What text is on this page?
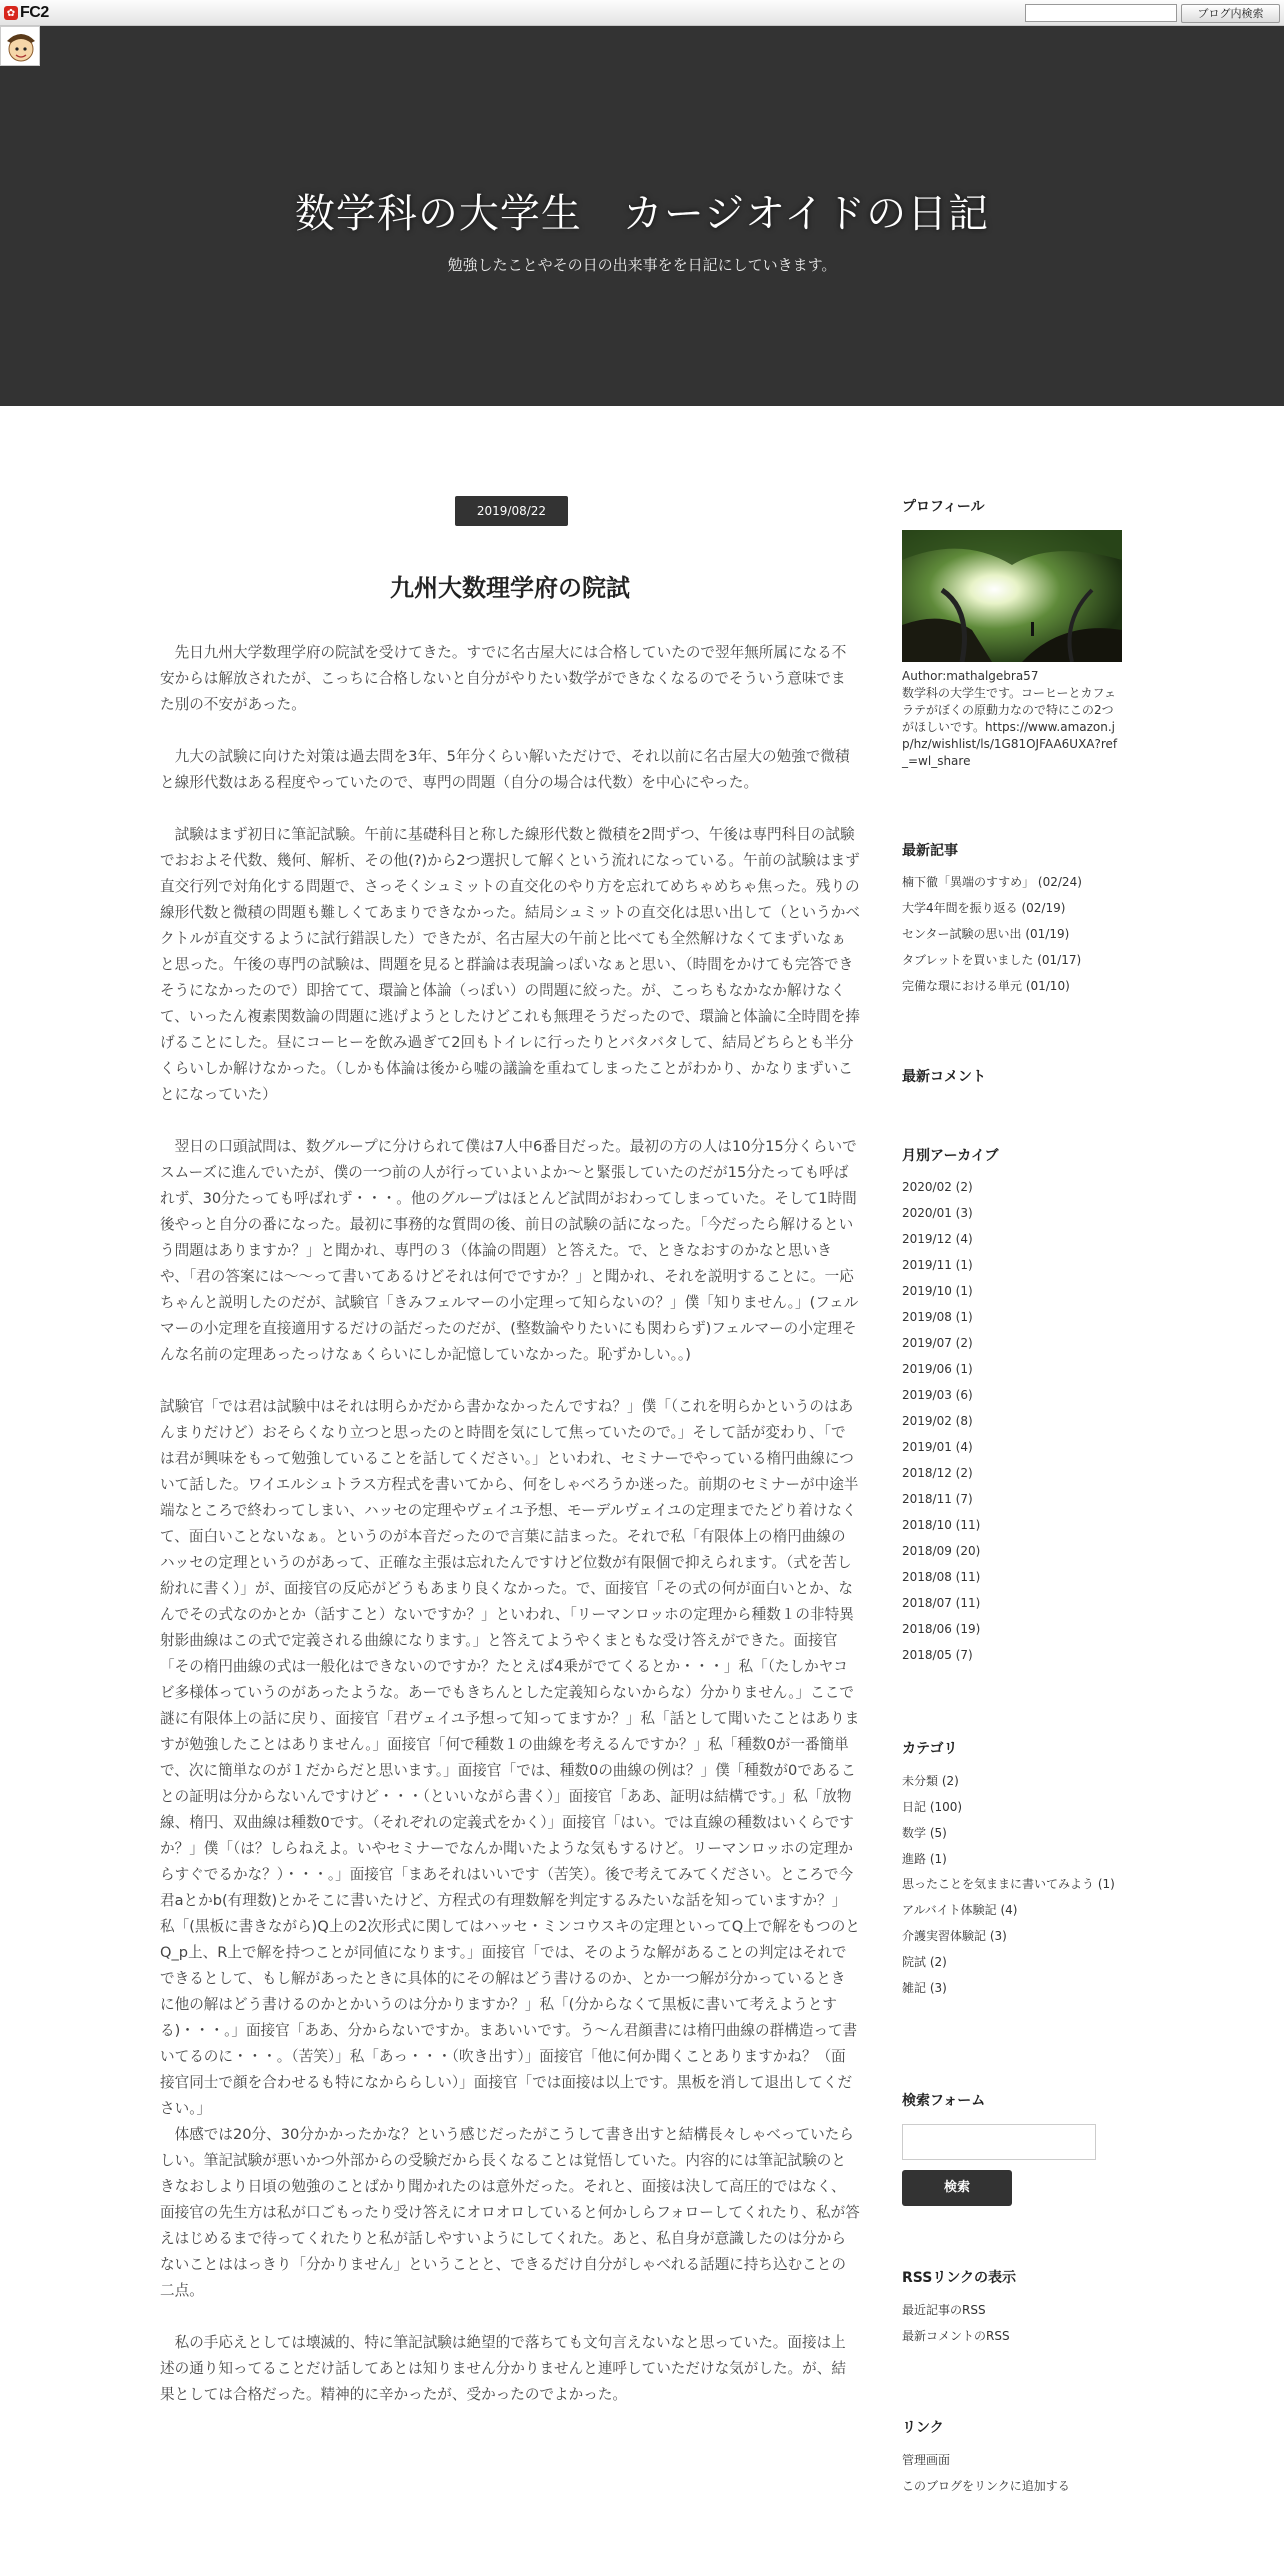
✿ FC2	ブログ内検索
数学科の大学生　カージオイドの日記
勉強したことやその日の出来事をを日記にしていきます。
2019/08/22
九州大数理学府の院試

　先日九州大学数理学府の院試を受けてきた。すでに名古屋大には合格していたので翌年無所属になる不安からは解放されたが、こっちに合格しないと自分がやりたい数学ができなくなるのでそういう意味でまた別の不安があった。

　九大の試験に向けた対策は過去問を3年、5年分くらい解いただけで、それ以前に名古屋大の勉強で微積と線形代数はある程度やっていたので、専門の問題（自分の場合は代数）を中心にやった。

　試験はまず初日に筆記試験。午前に基礎科目と称した線形代数と微積を2問ずつ、午後は専門科目の試験でおおよそ代数、幾何、解析、その他(?)から2つ選択して解くという流れになっている。午前の試験はまず直交行列で対角化する問題で、さっそくシュミットの直交化のやり方を忘れてめちゃめちゃ焦った。残りの線形代数と微積の問題も難しくてあまりできなかった。結局シュミットの直交化は思い出して（というかベクトルが直交するように試行錯誤した）できたが、名古屋大の午前と比べても全然解けなくてまずいなぁと思った。午後の専門の試験は、問題を見ると群論は表現論っぽいなぁと思い、（時間をかけても完答できそうになかったので）即捨てて、環論と体論（っぽい）の問題に絞った。が、こっちもなかなか解けなくて、いったん複素関数論の問題に逃げようとしたけどこれも無理そうだったので、環論と体論に全時間を捧げることにした。昼にコーヒーを飲み過ぎて2回もトイレに行ったりとバタバタして、結局どちらとも半分くらいしか解けなかった。（しかも体論は後から嘘の議論を重ねてしまったことがわかり、かなりまずいことになっていた）

　翌日の口頭試問は、数グループに分けられて僕は7人中6番目だった。最初の方の人は10分15分くらいでスムーズに進んでいたが、僕の一つ前の人が行っていよいよか～と緊張していたのだが15分たっても呼ばれず、30分たっても呼ばれず・・・。他のグループはほとんど試問がおわってしまっていた。そして1時間後やっと自分の番になった。最初に事務的な質問の後、前日の試験の話になった。「今だったら解けるという問題はありますか？」と聞かれ、専門の３（体論の問題）と答えた。で、ときなおすのかなと思いきや、「君の答案には～～って書いてあるけどそれは何でですか？」と聞かれ、それを説明することに。一応ちゃんと説明したのだが、試験官「きみフェルマーの小定理って知らないの？」僕「知りません。」(フェルマーの小定理を直接適用するだけの話だったのだが、(整数論やりたいにも関わらず)フェルマーの小定理そんな名前の定理あったっけなぁくらいにしか記憶していなかった。恥ずかしい。。)

試験官「では君は試験中はそれは明らかだから書かなかったんですね？」僕「（これを明らかというのはあんまりだけど）おそらくなり立つと思ったのと時間を気にして焦っていたので。」そして話が変わり、「では君が興味をもって勉強していることを話してください。」といわれ、セミナーでやっている楕円曲線について話した。ワイエルシュトラス方程式を書いてから、何をしゃべろうか迷った。前期のセミナーが中途半端なところで終わってしまい、ハッセの定理やヴェイユ予想、モーデルヴェイユの定理までたどり着けなくて、面白いことないなぁ。というのが本音だったので言葉に詰まった。それで私「有限体上の楕円曲線のハッセの定理というのがあって、正確な主張は忘れたんですけど位数が有限個で抑えられます。（式を苦し紛れに書く）」が、面接官の反応がどうもあまり良くなかった。で、面接官「その式の何が面白いとか、なんでその式なのかとか（話すこと）ないですか？」といわれ、「リーマンロッホの定理から種数１の非特異射影曲線はこの式で定義される曲線になります。」と答えてようやくまともな受け答えができた。面接官「その楕円曲線の式は一般化はできないのですか？たとえば4乗がでてくるとか・・・」私「（たしかヤコビ多様体っていうのがあったような。あーでもきちんとした定義知らないからな）分かりません。」ここで謎に有限体上の話に戻り、面接官「君ヴェイユ予想って知ってますか？」私「話として聞いたことはありますが勉強したことはありません。」面接官「何で種数１の曲線を考えるんですか？」私「種数0が一番簡単で、次に簡単なのが１だからだと思います。」面接官「では、種数0の曲線の例は？」僕「種数が0であることの証明は分からないんですけど・・・（といいながら書く）」面接官「ああ、証明は結構です。」私「放物線、楕円、双曲線は種数0です。（それぞれの定義式をかく）」面接官「はい。では直線の種数はいくらですか？」僕「（は？しらねえよ。いやセミナーでなんか聞いたような気もするけど。リーマンロッホの定理からすぐでるかな？）・・・。」面接官「まあそれはいいです（苦笑）。後で考えてみてください。ところで今君aとかb(有理数)とかそこに書いたけど、方程式の有理数解を判定するみたいな話を知っていますか？」私「(黒板に書きながら)Q上の2次形式に関してはハッセ・ミンコウスキの定理といってQ上で解をもつのとQ_p上、R上で解を持つことが同値になります。」面接官「では、そのような解があることの判定はそれでできるとして、もし解があったときに具体的にその解はどう書けるのか、とか一つ解が分かっているときに他の解はどう書けるのかとかいうのは分かりますか？」私「(分からなくて黒板に書いて考えようとする)・・・。」面接官「ああ、分からないですか。まあいいです。う～ん君顔書には楕円曲線の群構造って書いてるのに・・・。（苦笑）」私「あっ・・・（吹き出す）」面接官「他に何か聞くことありますかね？（面接官同士で顔を合わせるも特になかららしい）」面接官「では面接は以上です。黒板を消して退出してください。」

　体感では20分、30分かかったかな？という感じだったがこうして書き出すと結構長々しゃべっていたらしい。筆記試験が悪いかつ外部からの受験だから長くなることは覚悟していた。内容的には筆記試験のときなおしより日頃の勉強のことばかり聞かれたのは意外だった。それと、面接は決して高圧的ではなく、面接官の先生方は私が口ごもったり受け答えにオロオロしていると何かしらフォローしてくれたり、私が答えはじめるまで待ってくれたりと私が話しやすいようにしてくれた。あと、私自身が意識したのは分からないことははっきり「分かりません」ということと、できるだけ自分がしゃべれる話題に持ち込むことの二点。

　私の手応えとしては壊滅的、特に筆記試験は絶望的で落ちても文句言えないなと思っていた。面接は上述の通り知ってることだけ話してあとは知りません分かりませんと連呼していただけな気がした。が、結果としては合格だった。精神的に辛かったが、受かったのでよかった。

プロフィール
Author:mathalgebra57
数学科の大学生です。コーヒーとカフェラテがぼくの原動力なので特にこの2つがほしいです。https://www.amazon.jp/hz/wishlist/ls/1G81OJFAA6UXA?ref_=wl_share
最新記事
楠下徹「異端のすすめ」 (02/24)
大学4年間を振り返る (02/19)
センター試験の思い出 (01/19)
タブレットを買いました (01/17)
完備な環における単元 (01/10)
最新コメント
月別アーカイブ
2020/02 (2)
2020/01 (3)
2019/12 (4)
2019/11 (1)
2019/10 (1)
2019/08 (1)
2019/07 (2)
2019/06 (1)
2019/03 (6)
2019/02 (8)
2019/01 (4)
2018/12 (2)
2018/11 (7)
2018/10 (11)
2018/09 (20)
2018/08 (11)
2018/07 (11)
2018/06 (19)
2018/05 (7)
カテゴリ
未分類 (2)
日記 (100)
数学 (5)
進路 (1)
思ったことを気ままに書いてみよう (1)
アルバイト体験記 (4)
介護実習体験記 (3)
院試 (2)
雑記 (3)
検索フォーム
検索
RSSリンクの表示
最近記事のRSS
最新コメントのRSS
リンク
管理画面
このブログをリンクに追加する
